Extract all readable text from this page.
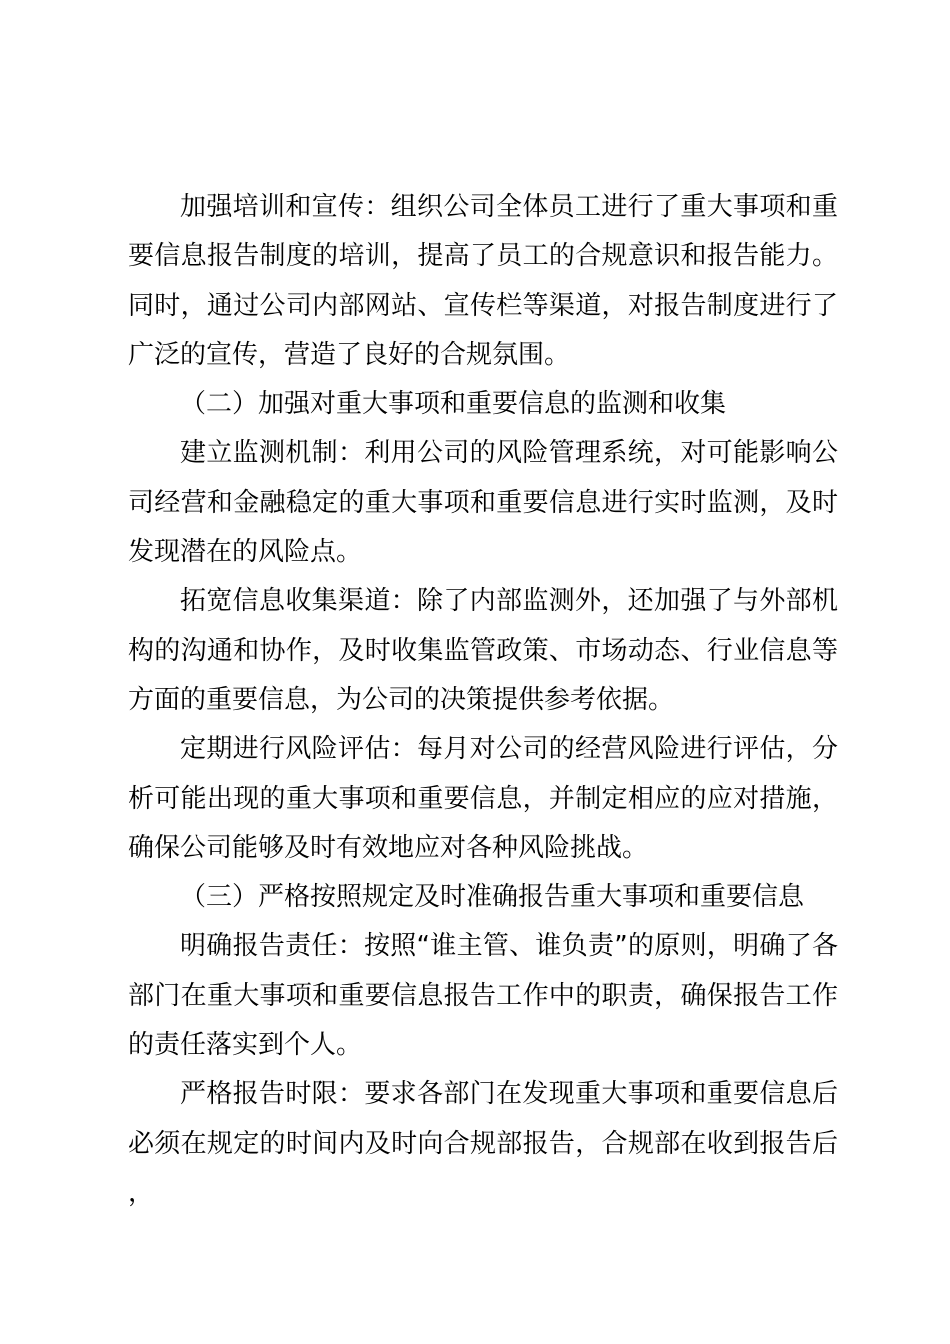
加强培训和宣传：组织公司全体员工进行了重大事项和重要信息报告制度的培训，提高了员工的合规意识和报告能力。同时，通过公司内部网站、宣传栏等渠道，对报告制度进行了广泛的宣传，营造了良好的合规氛围。

（二）加强对重大事项和重要信息的监测和收集

建立监测机制：利用公司的风险管理系统，对可能影响公司经营和金融稳定的重大事项和重要信息进行实时监测，及时发现潜在的风险点。

拓宽信息收集渠道：除了内部监测外，还加强了与外部机构的沟通和协作，及时收集监管政策、市场动态、行业信息等方面的重要信息，为公司的决策提供参考依据。

定期进行风险评估：每月对公司的经营风险进行评估，分析可能出现的重大事项和重要信息，并制定相应的应对措施，确保公司能够及时有效地应对各种风险挑战。

（三）严格按照规定及时准确报告重大事项和重要信息

明确报告责任：按照“谁主管、谁负责”的原则，明确了各部门在重大事项和重要信息报告工作中的职责，确保报告工作的责任落实到个人。

严格报告时限：要求各部门在发现重大事项和重要信息后必须在规定的时间内及时向合规部报告，合规部在收到报告后，
